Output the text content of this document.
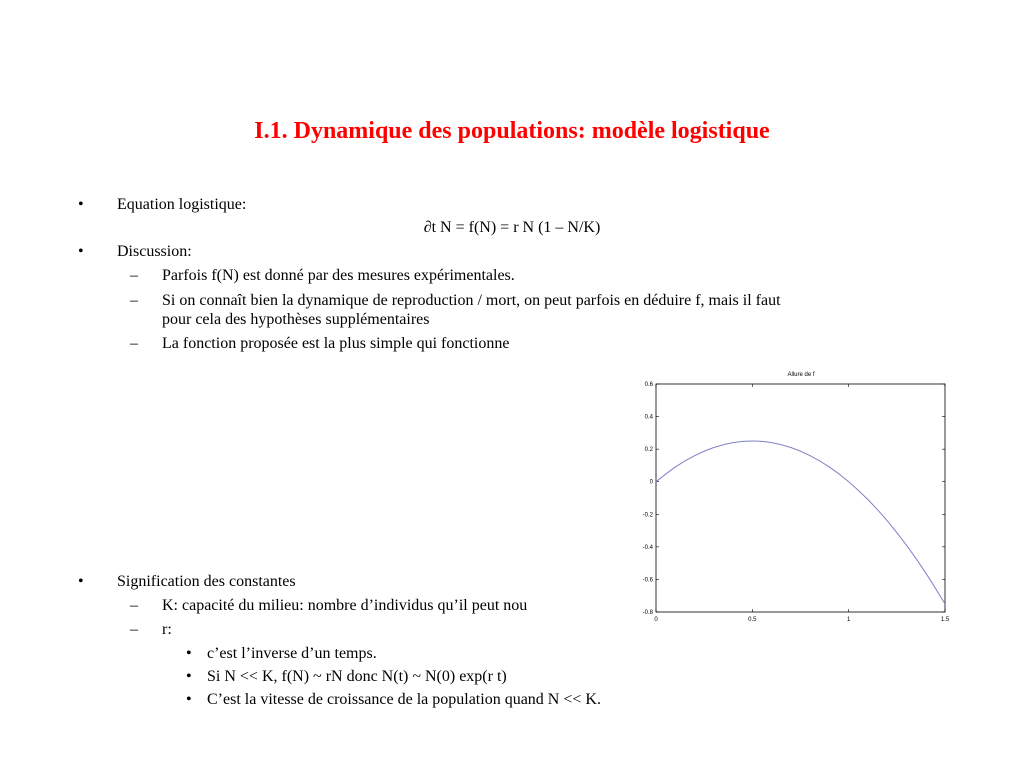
I.1. Dynamique des populations: modèle logistique
• Equation logistique:
∂t N = f(N) = r N (1 – N/K)
• Discussion:
– Parfois f(N) est donné par des mesures expérimentales.
– Si on connaît bien la dynamique de reproduction / mort, on peut parfois en déduire f, mais il faut
pour cela des hypothèses supplémentaires
– La fonction proposée est la plus simple qui fonctionne
• Signification des constantes
– K: capacité du milieu: nombre d’individus qu’il peut nou
– r:
• c’est l’inverse d’un temps.
• Si N << K, f(N) ~ rN donc N(t) ~ N(0) exp(r t)
• C’est la vitesse de croissance de la population quand N << K.
Allure de f
0.6
0.4
0.2
0
-0.2
-0.4
-0.6
-0.8
0	0.5	1	1.5
